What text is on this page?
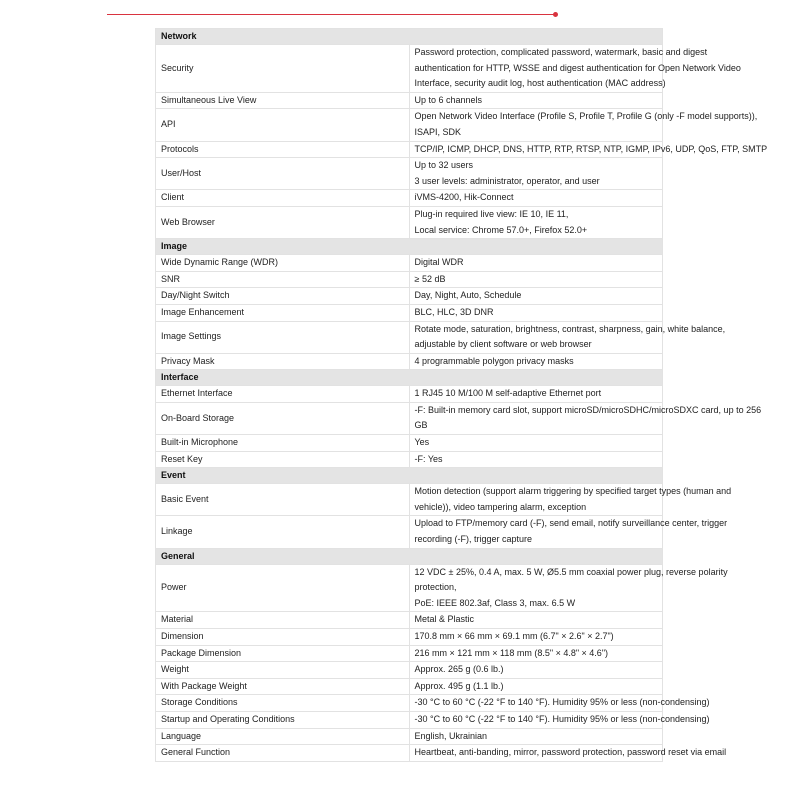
Network	
Security	Password protection, complicated password, watermark, basic and digest
authentication for HTTP, WSSE and digest authentication for Open Network Video
Interface, security audit log, host authentication (MAC address)

Simultaneous Live View	Up to 6 channels

API	Open Network Video Interface (Profile S, Profile T, Profile G (only -F model supports)),
ISAPI, SDK

Protocols	TCP/IP, ICMP, DHCP, DNS, HTTP, RTP, RTSP, NTP, IGMP, IPv6, UDP, QoS, FTP, SMTP

User/Host	Up to 32 users
3 user levels: administrator, operator, and user

Client	iVMS-4200, Hik-Connect

Web Browser	Plug-in required live view: IE 10, IE 11,
Local service: Chrome 57.0+, Firefox 52.0+

Image	
Wide Dynamic Range (WDR)	Digital WDR

SNR	≥ 52 dB

Day/Night Switch	Day, Night, Auto, Schedule

Image Enhancement	BLC, HLC, 3D DNR

Image Settings	Rotate mode, saturation, brightness, contrast, sharpness, gain, white balance,
adjustable by client software or web browser

Privacy Mask	4 programmable polygon privacy masks

Interface	
Ethernet Interface	1 RJ45 10 M/100 M self-adaptive Ethernet port

On-Board Storage	-F: Built-in memory card slot, support microSD/microSDHC/microSDXC card, up to 256
GB

Built-in Microphone	Yes

Reset Key	-F: Yes

Event	
Basic Event	Motion detection (support alarm triggering by specified target types (human and
vehicle)), video tampering alarm, exception

Linkage	Upload to FTP/memory card (-F), send email, notify surveillance center, trigger
recording (-F), trigger capture

General	
Power	12 VDC ± 25%, 0.4 A, max. 5 W, Ø5.5 mm coaxial power plug, reverse polarity
protection,
PoE: IEEE 802.3af, Class 3, max. 6.5 W

Material	Metal & Plastic

Dimension	170.8 mm × 66 mm × 69.1 mm (6.7" × 2.6" × 2.7")

Package Dimension	216 mm × 121 mm × 118 mm (8.5" × 4.8" × 4.6")

Weight	Approx. 265 g (0.6 lb.)

With Package Weight	Approx. 495 g (1.1 lb.)

Storage Conditions	-30 °C to 60 °C (-22 °F to 140 °F). Humidity 95% or less (non-condensing)

Startup and Operating Conditions	-30 °C to 60 °C (-22 °F to 140 °F). Humidity 95% or less (non-condensing)

Language	English, Ukrainian

General Function	Heartbeat, anti-banding, mirror, password protection, password reset via email
